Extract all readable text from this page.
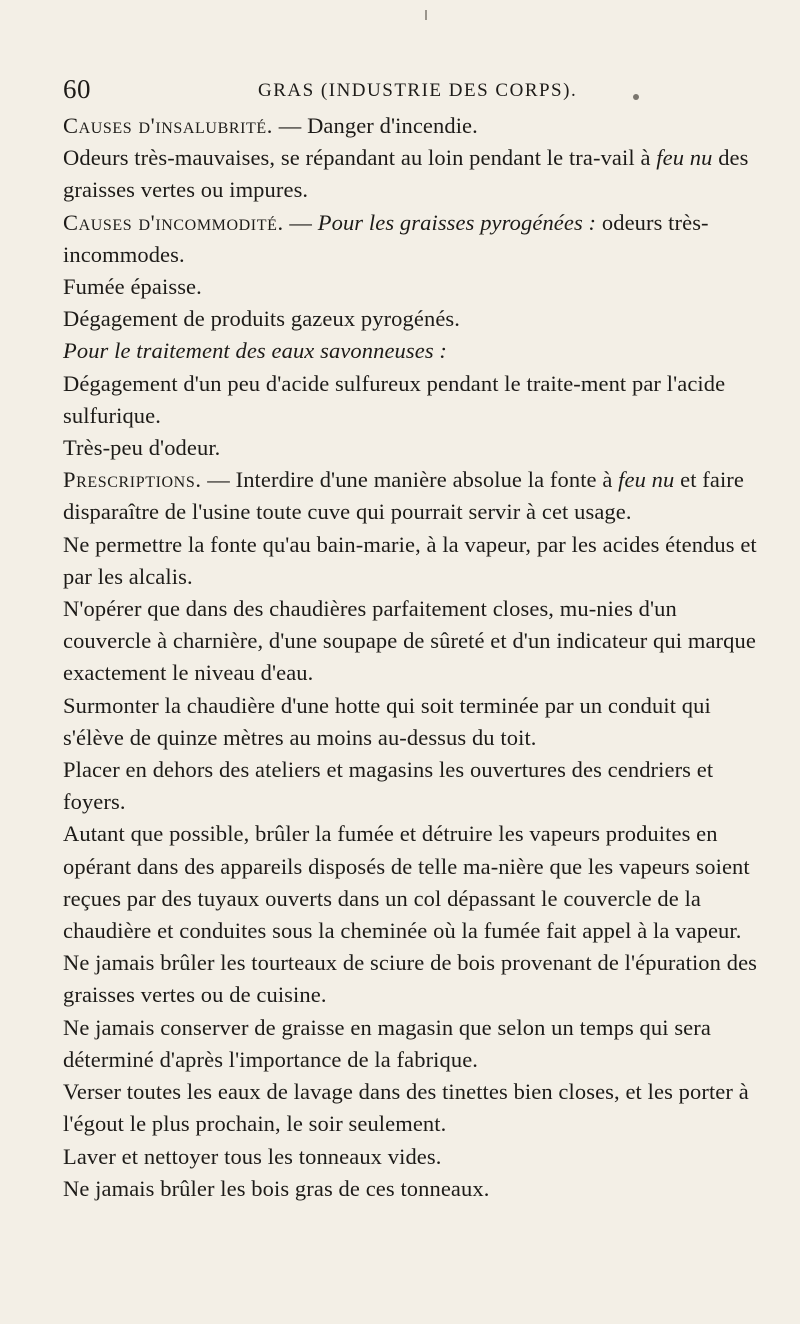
60	GRAS (INDUSTRIE DES CORPS).

Causes d'insalubrité. — Danger d'incendie.

Odeurs très-mauvaises, se répandant au loin pendant le tra-vail à feu nu des graisses vertes ou impures.

Causes d'incommodité. — Pour les graisses pyrogénées : odeurs très-incommodes.

Fumée épaisse.

Dégagement de produits gazeux pyrogénés.

Pour le traitement des eaux savonneuses :

Dégagement d'un peu d'acide sulfureux pendant le traite-ment par l'acide sulfurique.

Très-peu d'odeur.

Prescriptions. — Interdire d'une manière absolue la fonte à feu nu et faire disparaître de l'usine toute cuve qui pourrait servir à cet usage.

Ne permettre la fonte qu'au bain-marie, à la vapeur, par les acides étendus et par les alcalis.

N'opérer que dans des chaudières parfaitement closes, mu-nies d'un couvercle à charnière, d'une soupape de sûreté et d'un indicateur qui marque exactement le niveau d'eau.

Surmonter la chaudière d'une hotte qui soit terminée par un conduit qui s'élève de quinze mètres au moins au-dessus du toit.

Placer en dehors des ateliers et magasins les ouvertures des cendriers et foyers.

Autant que possible, brûler la fumée et détruire les vapeurs produites en opérant dans des appareils disposés de telle ma-nière que les vapeurs soient reçues par des tuyaux ouverts dans un col dépassant le couvercle de la chaudière et conduites sous la cheminée où la fumée fait appel à la vapeur.

Ne jamais brûler les tourteaux de sciure de bois provenant de l'épuration des graisses vertes ou de cuisine.

Ne jamais conserver de graisse en magasin que selon un temps qui sera déterminé d'après l'importance de la fabrique.

Verser toutes les eaux de lavage dans des tinettes bien closes, et les porter à l'égout le plus prochain, le soir seulement.

Laver et nettoyer tous les tonneaux vides.

Ne jamais brûler les bois gras de ces tonneaux.
